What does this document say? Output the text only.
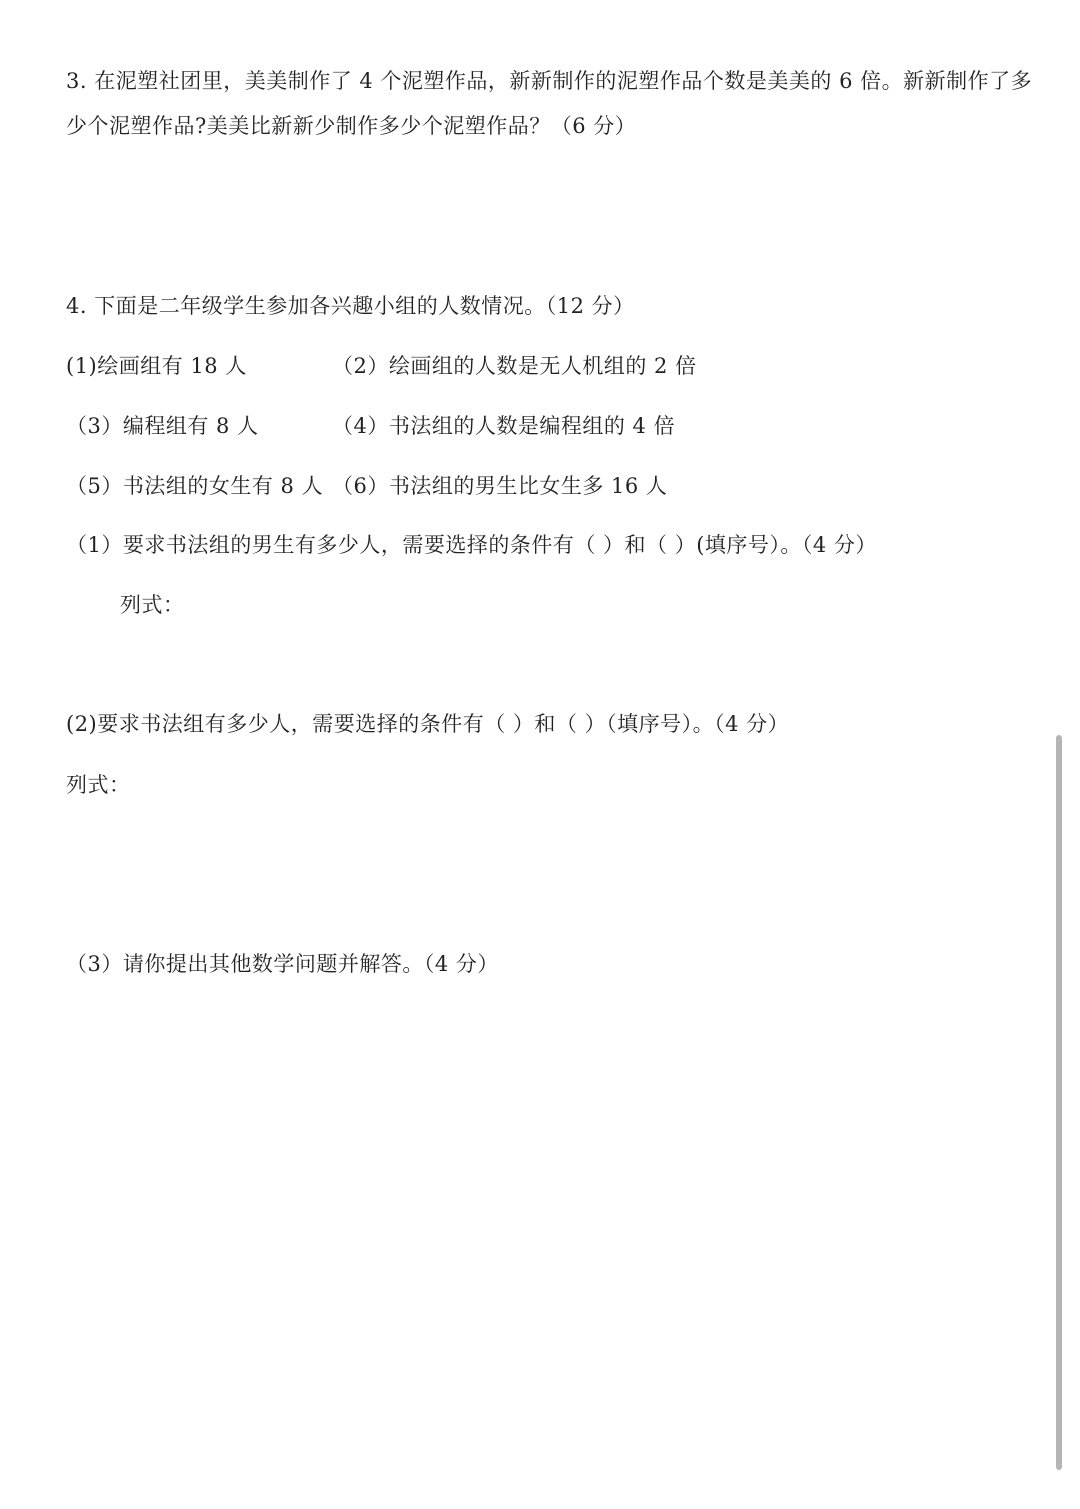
3. 在泥塑社团里，美美制作了 4 个泥塑作品，新新制作的泥塑作品个数是美美的 6 倍。新新制作了多
少个泥塑作品?美美比新新少制作多少个泥塑作品？（6 分）
4. 下面是二年级学生参加各兴趣小组的人数情况。（12 分）
(1)绘画组有 18 人	（2）绘画组的人数是无人机组的 2 倍
（3）编程组有 8 人	（4）书法组的人数是编程组的 4 倍
（5）书法组的女生有 8 人 （6）书法组的男生比女生多 16 人
（1）要求书法组的男生有多少人，需要选择的条件有（ ）和（ ）(填序号）。（4 分）
列式：
(2)要求书法组有多少人，需要选择的条件有（ ）和（ ）（填序号）。（4 分）
列式：
（3）请你提出其他数学问题并解答。（4 分）
